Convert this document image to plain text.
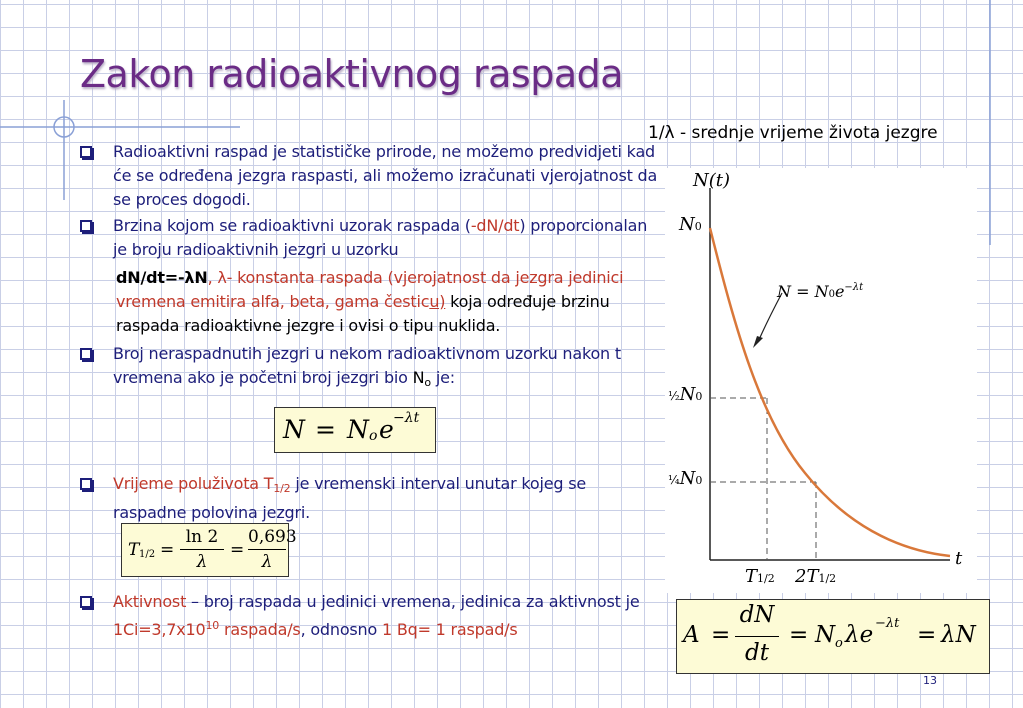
Zakon radioaktivnog raspada
1/λ - srednje vrijeme života jezgre
Radioaktivni raspad je statističke prirode, ne možemo predvidjeti kad će se određena jezgra raspasti, ali možemo izračunati vjerojatnost da se proces dogodi.
Brzina kojom se radioaktivni uzorak raspada (-dN/dt) proporcionalan je broju radioaktivnih jezgri u uzorku
dN/dt=-λN, λ- konstanta raspada (vjerojatnost da jezgra jedinici vremena emitira alfa, beta, gama česticu) koja određuje brzinu raspada radioaktivne jezgre i ovisi o tipu nuklida.
Broj neraspadnutih jezgri u nekom radioaktivnom uzorku nakon t vremena ako je početni broj jezgri bio $N_o$ je:
N = N o e −λt
Vrijeme poluživota $T_{1/2}$ je vremenski interval unutar kojeg se raspadne polovina jezgri.
T 1/2 =
ln 2
λ
=
0,693
λ
Aktivnost – broj raspada u jedinici vremena, jedinica za aktivnost je $1Ci=3,7x10^{10}$ raspada/s, odnosno 1 Bq= 1 raspad/s
N(t)
N0
½N0
¼N0
t
T1/2 2T1/2
$N = N0e^{-\lambda t}$
A =
dN
dt
= N o λe −λt = λN
13
